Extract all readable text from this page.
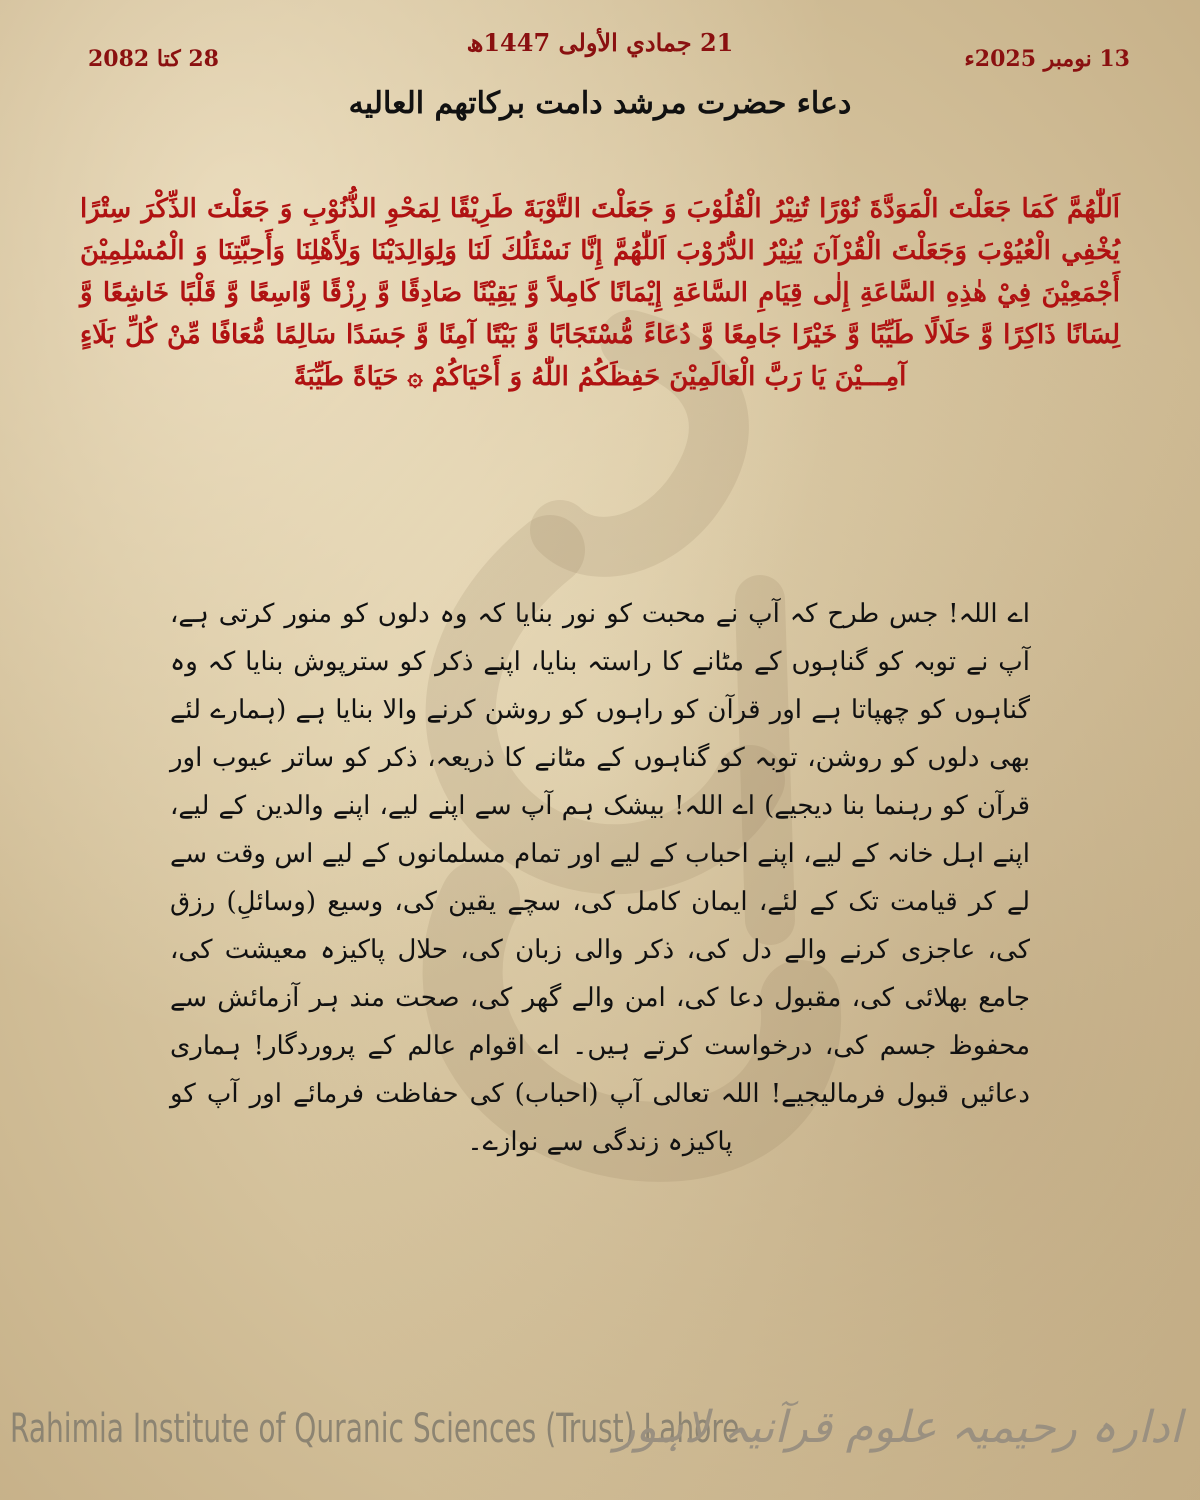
21 جمادي الأولى 1447ھ
13 نومبر 2025ء
28 کتا 2082
دعاء حضرت مرشد دامت برکاتهم العاليه
اَللّٰهُمَّ كَمَا جَعَلْتَ الْمَوَدَّةَ نُوْرًا تُنِيْرُ الْقُلُوْبَ وَ جَعَلْتَ التَّوْبَةَ طَرِيْقًا لِمَحْوِ الذُّنُوْبِ وَ جَعَلْتَ الذِّكْرَ سِتْرًا يُخْفِي الْعُيُوْبَ وَجَعَلْتَ الْقُرْآنَ يُنِيْرُ الدُّرُوْبَ اَللّٰهُمَّ إِنَّا نَسْئَلُكَ لَنَا وَلِوَالِدَيْنَا وَلِأَهْلِنَا وَأَحِبَّتِنَا وَ الْمُسْلِمِيْنَ أَجْمَعِيْنَ فِيْ هٰذِهِ السَّاعَةِ إِلٰى قِيَامِ السَّاعَةِ إِيْمَانًا كَامِلاً وَّ يَقِيْنًا صَادِقًا وَّ رِزْقًا وَّاسِعًا وَّ قَلْبًا خَاشِعًا وَّ لِسَانًا ذَاكِرًا وَّ حَلَالًا طَيِّبًا وَّ خَيْرًا جَامِعًا وَّ دُعَاءً مُّسْتَجَابًا وَّ بَيْتًا آمِنًا وَّ جَسَدًا سَالِمًا مُّعَافًا مِّنْ كُلِّ بَلَاءٍ آمِـــيْنَ يَا رَبَّ الْعَالَمِيْنَ حَفِظَكُمُ اللّٰهُ وَ أَحْيَاكُمْ ۞ حَيَاةً طَيِّبَةً
اے اللہ! جس طرح کہ آپ نے محبت کو نور بنایا کہ وہ دلوں کو منور کرتی ہے، آپ نے توبہ کو گناہوں کے مٹانے کا راستہ بنایا، اپنے ذکر کو سترپوش بنایا کہ وہ گناہوں کو چھپاتا ہے اور قرآن کو راہوں کو روشن کرنے والا بنایا ہے (ہمارے لئے بھی دلوں کو روشن، توبہ کو گناہوں کے مٹانے کا ذریعہ، ذکر کو ساتر عیوب اور قرآن کو رہنما بنا دیجیے) اے اللہ! بیشک ہم آپ سے اپنے لیے، اپنے والدین کے لیے، اپنے اہل خانہ کے لیے، اپنے احباب کے لیے اور تمام مسلمانوں کے لیے اس وقت سے لے کر قیامت تک کے لئے، ایمان کامل کی، سچے یقین کی، وسیع (وسائلِ) رزق کی، عاجزی کرنے والے دل کی، ذکر والی زبان کی، حلال پاکیزہ معیشت کی، جامع بھلائی کی، مقبول دعا کی، امن والے گھر کی، صحت مند ہر آزمائش سے محفوظ جسم کی، درخواست کرتے ہیں۔ اے اقوام عالم کے پروردگار! ہماری دعائیں قبول فرمالیجیے! اللہ تعالی آپ (احباب) کی حفاظت فرمائے اور آپ کو پاکیزہ زندگی سے نوازے۔
Rahimia Institute of Quranic Sciences (Trust) Lahore
ادارہ رحیمیہ علوم قرآنیہ لاہور
